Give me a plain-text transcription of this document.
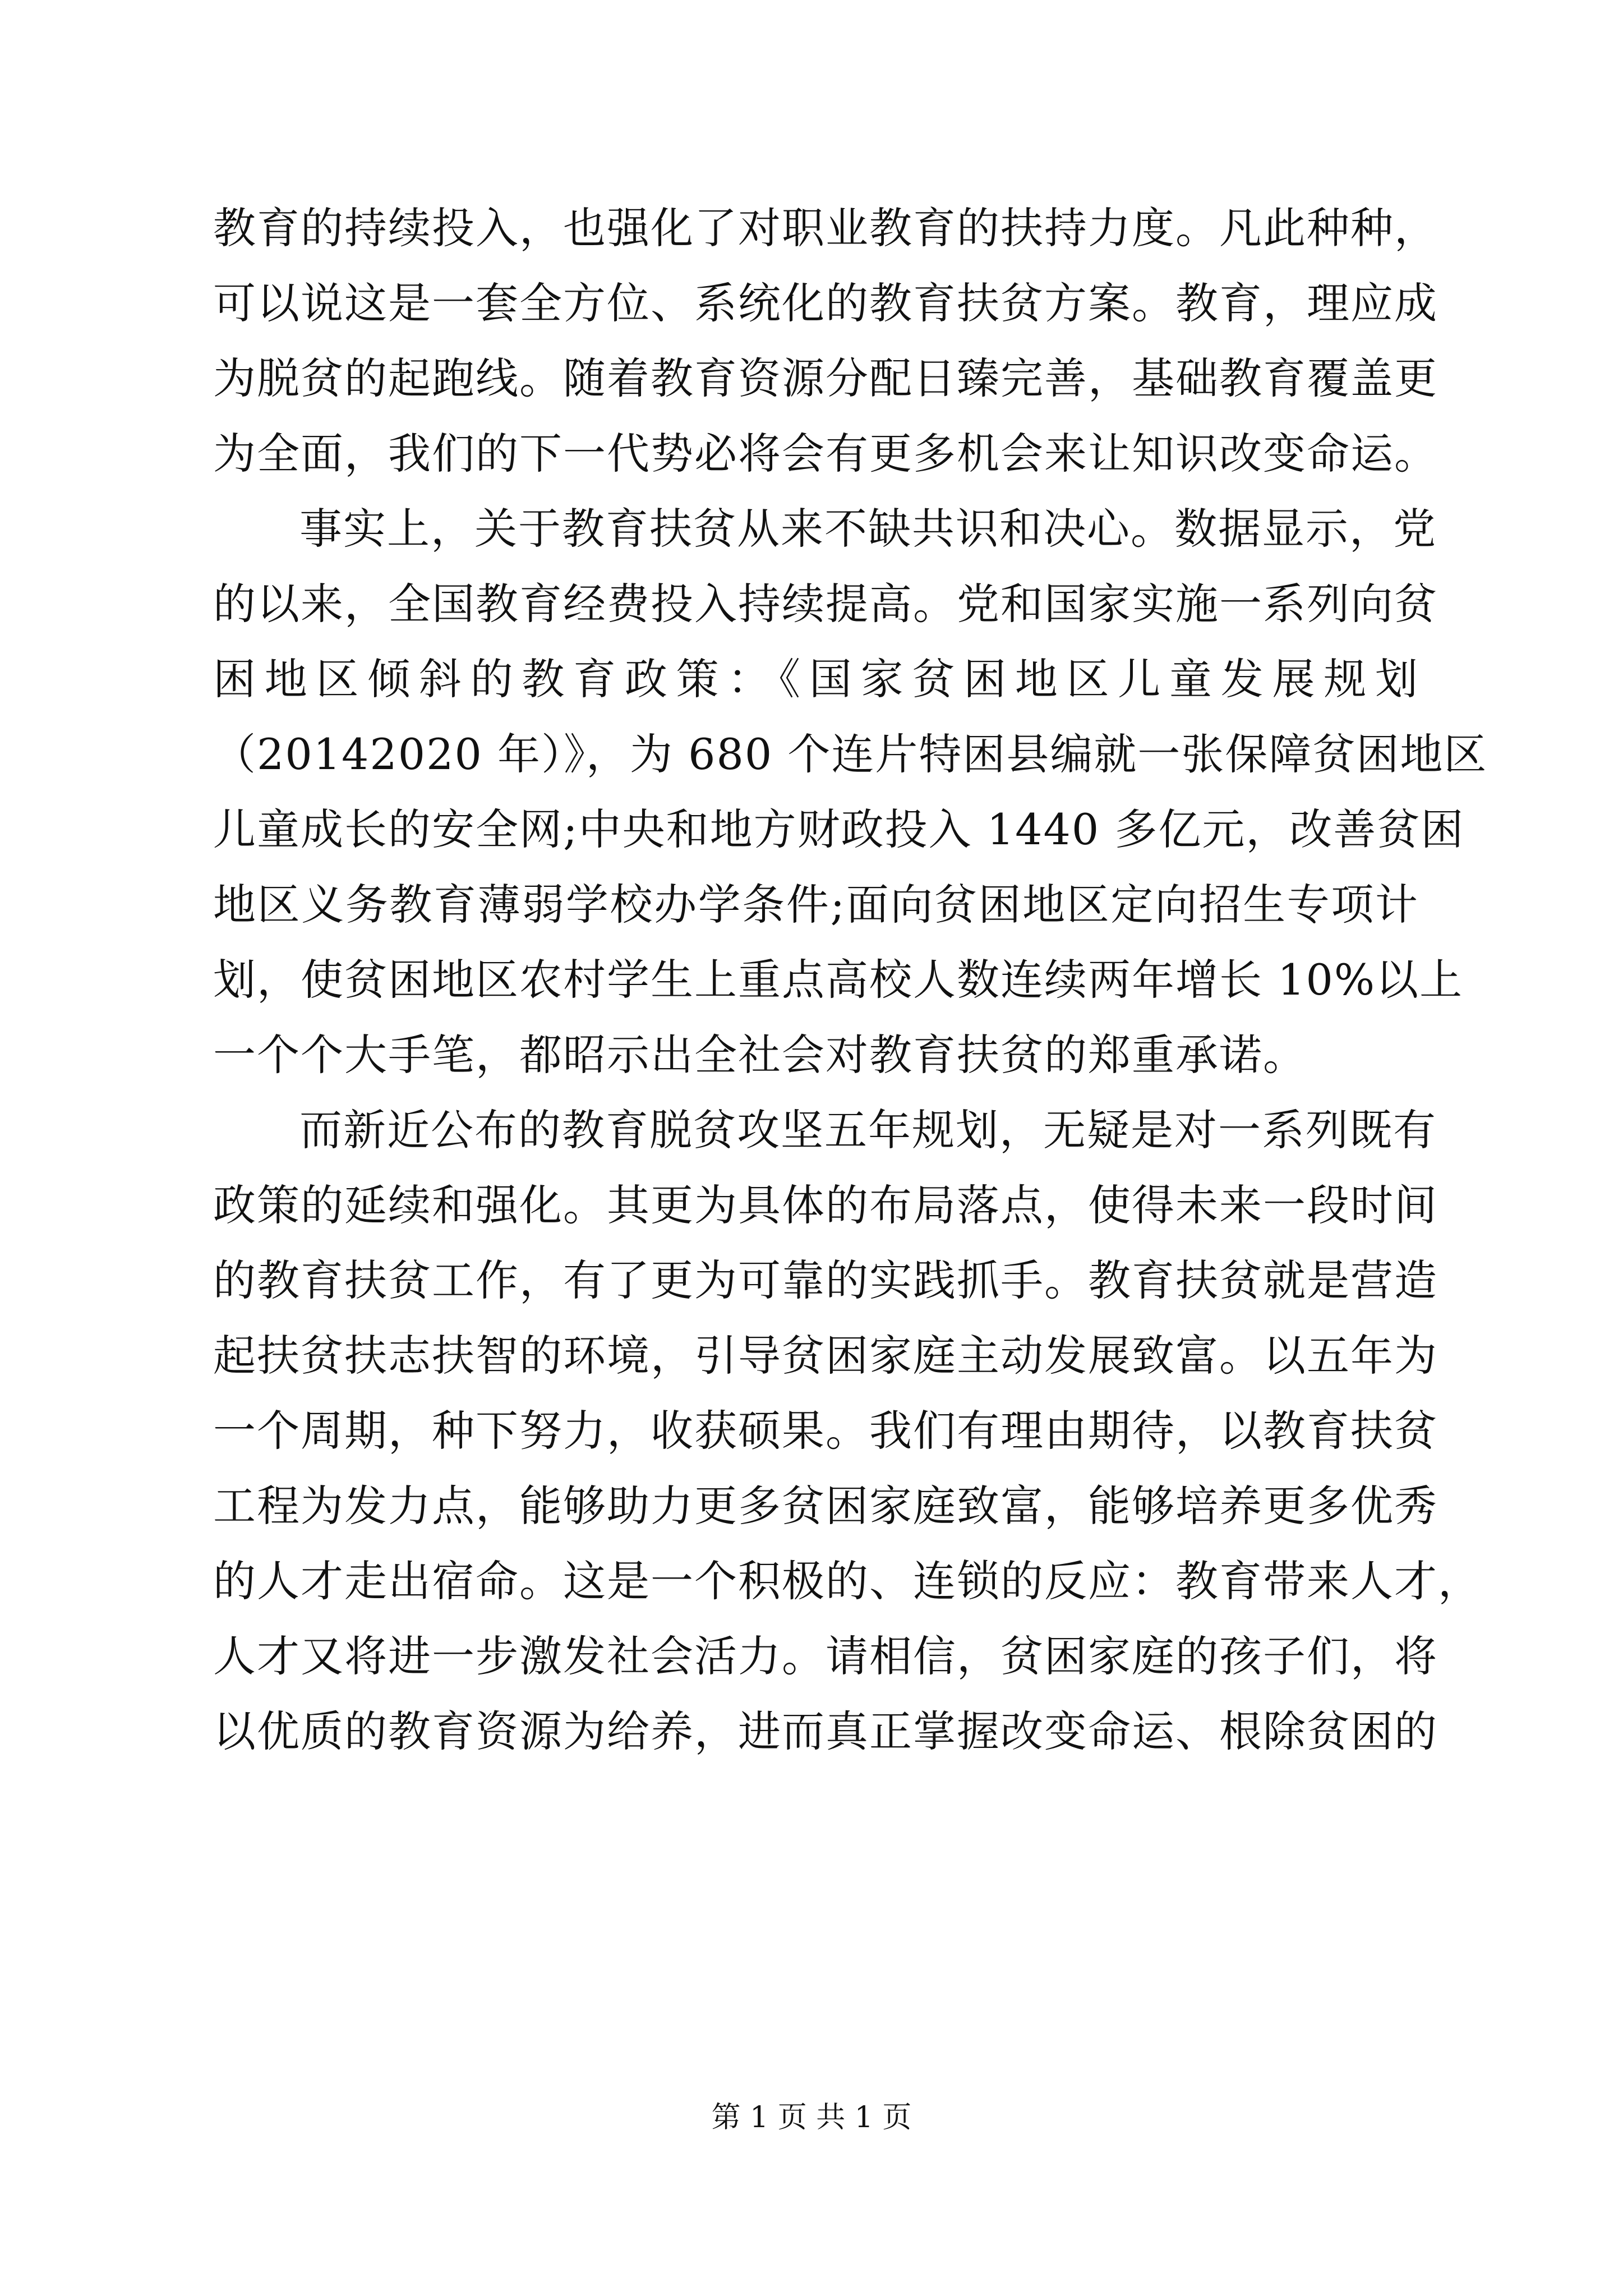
教育的持续投入，也强化了对职业教育的扶持力度。凡此种种，
可以说这是一套全方位、系统化的教育扶贫方案。教育，理应成
为脱贫的起跑线。随着教育资源分配日臻完善，基础教育覆盖更
为全面，我们的下一代势必将会有更多机会来让知识改变命运。
事实上，关于教育扶贫从来不缺共识和决心。数据显示，党
的以来，全国教育经费投入持续提高。党和国家实施一系列向贫
困地区倾斜的教育政策：《国家贫困地区儿童发展规划
（20142020 年）》，为 680 个连片特困县编就一张保障贫困地区
儿童成长的安全网;中央和地方财政投入 1440 多亿元，改善贫困
地区义务教育薄弱学校办学条件;面向贫困地区定向招生专项计
划，使贫困地区农村学生上重点高校人数连续两年增长 10%以上
一个个大手笔，都昭示出全社会对教育扶贫的郑重承诺。
而新近公布的教育脱贫攻坚五年规划，无疑是对一系列既有
政策的延续和强化。其更为具体的布局落点，使得未来一段时间
的教育扶贫工作，有了更为可靠的实践抓手。教育扶贫就是营造
起扶贫扶志扶智的环境，引导贫困家庭主动发展致富。以五年为
一个周期，种下努力，收获硕果。我们有理由期待，以教育扶贫
工程为发力点，能够助力更多贫困家庭致富，能够培养更多优秀
的人才走出宿命。这是一个积极的、连锁的反应：教育带来人才，
人才又将进一步激发社会活力。请相信，贫困家庭的孩子们，将
以优质的教育资源为给养，进而真正掌握改变命运、根除贫困的
第 1 页 共 1 页
